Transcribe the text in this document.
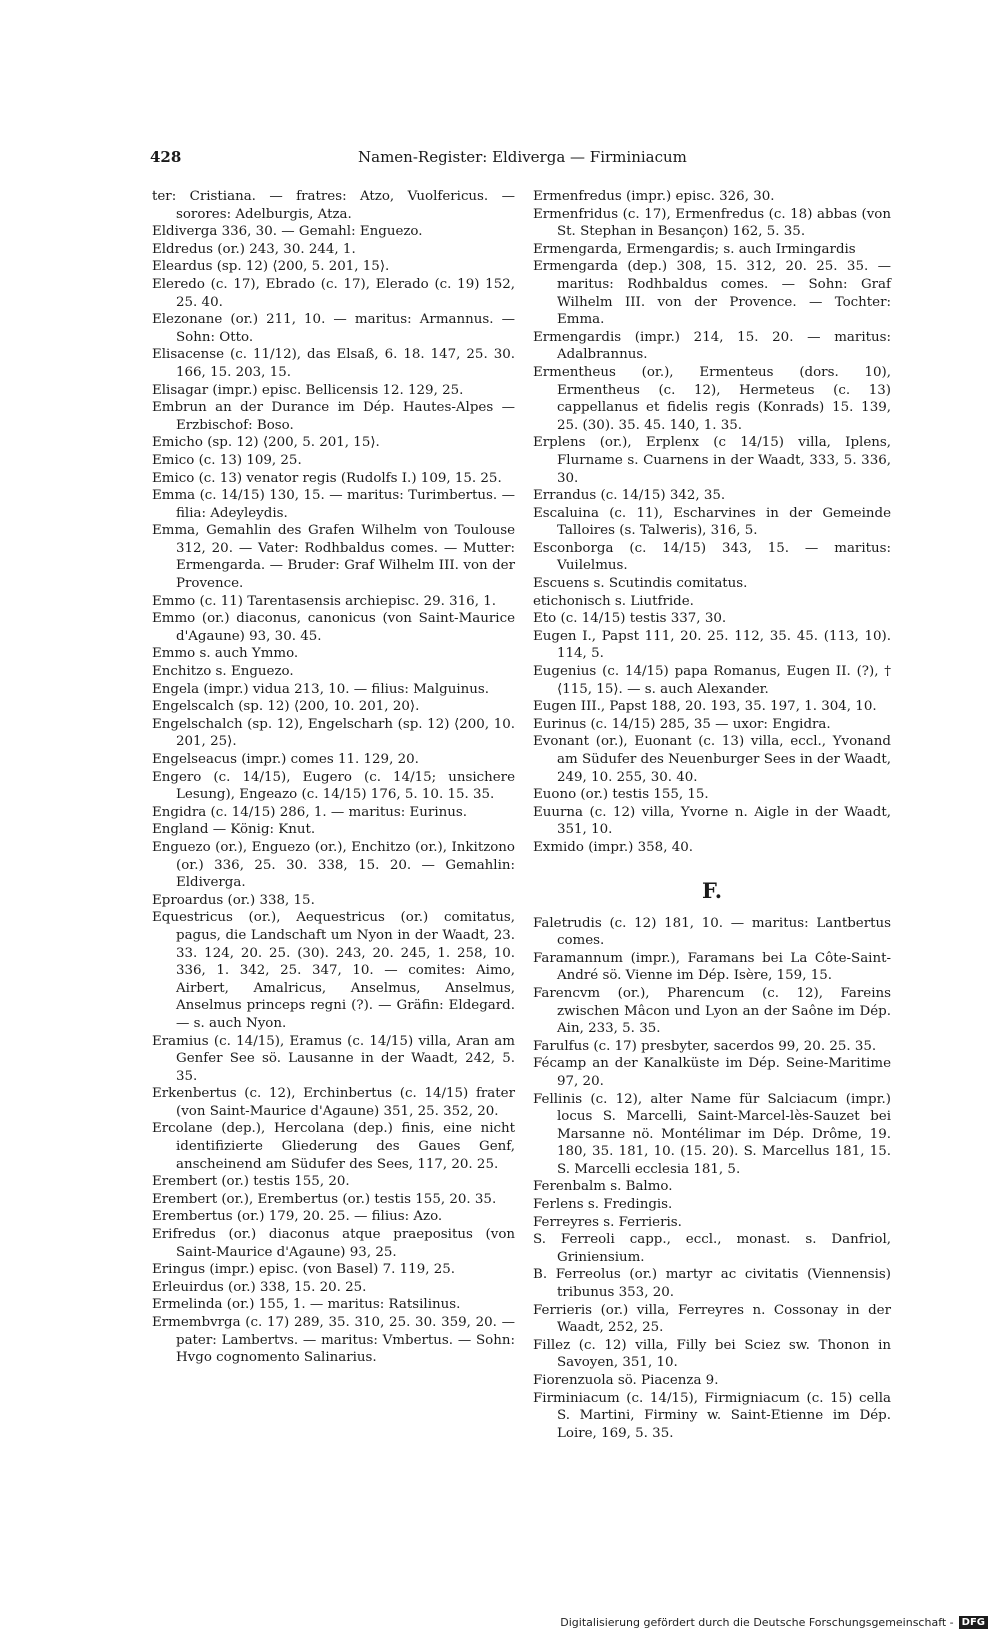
428	Namen-Register: Eldiverga — Firminiacum

ter: Cristiana. — fratres: Atzo, Vuolfericus. — sorores: Adelburgis, Atza.

Eldiverga 336, 30. — Gemahl: Enguezo.

Eldredus (or.) 243, 30. 244, 1.

Eleardus (sp. 12) ⟨200, 5. 201, 15⟩.

Eleredo (c. 17), Ebrado (c. 17), Elerado (c. 19) 152, 25. 40.

Elezonane (or.) 211, 10. — maritus: Armannus. — Sohn: Otto.

Elisacense (c. 11/12), das Elsaß, 6. 18. 147, 25. 30. 166, 15. 203, 15.

Elisagar (impr.) episc. Bellicensis 12. 129, 25.

Embrun an der Durance im Dép. Hautes-Alpes — Erzbischof: Boso.

Emicho (sp. 12) ⟨200, 5. 201, 15⟩.

Emico (c. 13) 109, 25.

Emico (c. 13) venator regis (Rudolfs I.) 109, 15. 25.

Emma (c. 14/15) 130, 15. — maritus: Turimbertus. — filia: Adeyleydis.

Emma, Gemahlin des Grafen Wilhelm von Toulouse 312, 20. — Vater: Rodhbaldus comes. — Mutter: Ermengarda. — Bruder: Graf Wilhelm III. von der Provence.

Emmo (c. 11) Tarentasensis archiepisc. 29. 316, 1.

Emmo (or.) diaconus, canonicus (von Saint-Maurice d'Agaune) 93, 30. 45.

Emmo s. auch Ymmo.

Enchitzo s. Enguezo.

Engela (impr.) vidua 213, 10. — filius: Malguinus.

Engelscalch (sp. 12) ⟨200, 10. 201, 20⟩.

Engelschalch (sp. 12), Engelscharh (sp. 12) ⟨200, 10. 201, 25⟩.

Engelseacus (impr.) comes 11. 129, 20.

Engero (c. 14/15), Eugero (c. 14/15; unsichere Lesung), Engeazo (c. 14/15) 176, 5. 10. 15. 35.

Engidra (c. 14/15) 286, 1. — maritus: Eurinus.

England — König: Knut.

Enguezo (or.), Enguezo (or.), Enchitzo (or.), Inkitzono (or.) 336, 25. 30. 338, 15. 20. — Gemahlin: Eldiverga.

Eproardus (or.) 338, 15.

Equestricus (or.), Aequestricus (or.) comitatus, pagus, die Landschaft um Nyon in der Waadt, 23. 33. 124, 20. 25. (30). 243, 20. 245, 1. 258, 10. 336, 1. 342, 25. 347, 10. — comites: Aimo, Airbert, Amalricus, Anselmus, Anselmus, Anselmus princeps regni (?). — Gräfin: Eldegard. — s. auch Nyon.

Eramius (c. 14/15), Eramus (c. 14/15) villa, Aran am Genfer See sö. Lausanne in der Waadt, 242, 5. 35.

Erkenbertus (c. 12), Erchinbertus (c. 14/15) frater (von Saint-Maurice d'Agaune) 351, 25. 352, 20.

Ercolane (dep.), Hercolana (dep.) finis, eine nicht identifizierte Gliederung des Gaues Genf, anscheinend am Südufer des Sees, 117, 20. 25.

Erembert (or.) testis 155, 20.

Erembert (or.), Erembertus (or.) testis 155, 20. 35.

Erembertus (or.) 179, 20. 25. — filius: Azo.

Erifredus (or.) diaconus atque praepositus (von Saint-Maurice d'Agaune) 93, 25.

Eringus (impr.) episc. (von Basel) 7. 119, 25.

Erleuirdus (or.) 338, 15. 20. 25.

Ermelinda (or.) 155, 1. — maritus: Ratsilinus.

Ermembvrga (c. 17) 289, 35. 310, 25. 30. 359, 20. — pater: Lambertvs. — maritus: Vmbertus. — Sohn: Hvgo cognomento Salinarius.

Ermenfredus (impr.) episc. 326, 30.

Ermenfridus (c. 17), Ermenfredus (c. 18) abbas (von St. Stephan in Besançon) 162, 5. 35.

Ermengarda, Ermengardis; s. auch Irmingardis

Ermengarda (dep.) 308, 15. 312, 20. 25. 35. — maritus: Rodhbaldus comes. — Sohn: Graf Wilhelm III. von der Provence. — Tochter: Emma.

Ermengardis (impr.) 214, 15. 20. — maritus: Adalbrannus.

Ermentheus (or.), Ermenteus (dors. 10), Ermentheus (c. 12), Hermeteus (c. 13) cappellanus et fidelis regis (Konrads) 15. 139, 25. (30). 35. 45. 140, 1. 35.

Erplens (or.), Erplenx (c 14/15) villa, Iplens, Flurname s. Cuarnens in der Waadt, 333, 5. 336, 30.

Errandus (c. 14/15) 342, 35.

Escaluina (c. 11), Escharvines in der Gemeinde Talloires (s. Talweris), 316, 5.

Esconborga (c. 14/15) 343, 15. — maritus: Vuilelmus.

Escuens s. Scutindis comitatus.

etichonisch s. Liutfride.

Eto (c. 14/15) testis 337, 30.

Eugen I., Papst 111, 20. 25. 112, 35. 45. (113, 10). 114, 5.

Eugenius (c. 14/15) papa Romanus, Eugen II. (?), † ⟨115, 15⟩. — s. auch Alexander.

Eugen III., Papst 188, 20. 193, 35. 197, 1. 304, 10.

Eurinus (c. 14/15) 285, 35 — uxor: Engidra.

Evonant (or.), Euonant (c. 13) villa, eccl., Yvonand am Südufer des Neuenburger Sees in der Waadt, 249, 10. 255, 30. 40.

Euono (or.) testis 155, 15.

Euurna (c. 12) villa, Yvorne n. Aigle in der Waadt, 351, 10.

Exmido (impr.) 358, 40.

F.

Faletrudis (c. 12) 181, 10. — maritus: Lantbertus comes.

Faramannum (impr.), Faramans bei La Côte-Saint-André sö. Vienne im Dép. Isère, 159, 15.

Farencvm (or.), Pharencum (c. 12), Fareins zwischen Mâcon und Lyon an der Saône im Dép. Ain, 233, 5. 35.

Farulfus (c. 17) presbyter, sacerdos 99, 20. 25. 35.

Fécamp an der Kanalküste im Dép. Seine-Maritime 97, 20.

Fellinis (c. 12), alter Name für Salciacum (impr.) locus S. Marcelli, Saint-Marcel-lès-Sauzet bei Marsanne nö. Montélimar im Dép. Drôme, 19. 180, 35. 181, 10. (15. 20). S. Marcellus 181, 15. S. Marcelli ecclesia 181, 5.

Ferenbalm s. Balmo.

Ferlens s. Fredingis.

Ferreyres s. Ferrieris.

S. Ferreoli capp., eccl., monast. s. Danfriol, Griniensium.

B. Ferreolus (or.) martyr ac civitatis (Viennensis) tribunus 353, 20.

Ferrieris (or.) villa, Ferreyres n. Cossonay in der Waadt, 252, 25.

Fillez (c. 12) villa, Filly bei Sciez sw. Thonon in Savoyen, 351, 10.

Fiorenzuola sö. Piacenza 9.

Firminiacum (c. 14/15), Firmigniacum (c. 15) cella S. Martini, Firminy w. Saint-Etienne im Dép. Loire, 169, 5. 35.

Digitalisierung gefördert durch die Deutsche Forschungsgemeinschaft - DFG
